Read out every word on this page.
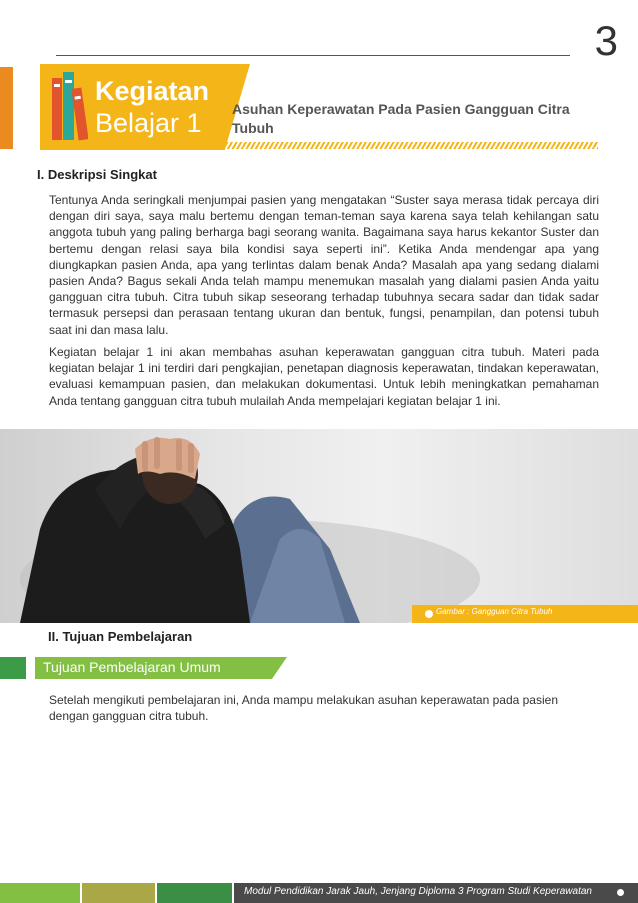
3
Kegiatan
Belajar 1 Asuhan Keperawatan Pada Pasien Gangguan Citra Tubuh
I. Deskripsi Singkat

Tentunya Anda seringkali menjumpai pasien yang mengatakan “Suster saya merasa tidak percaya diri dengan diri saya, saya malu bertemu dengan teman-teman saya karena saya telah kehilangan satu anggota tubuh yang paling berharga bagi seorang wanita. Bagaimana saya harus kekantor Suster dan bertemu dengan relasi saya bila kondisi saya seperti ini”. Ketika Anda mendengar apa yang diungkapkan pasien Anda, apa yang terlintas dalam benak Anda? Masalah apa yang sedang dialami pasien Anda? Bagus sekali Anda telah mampu menemukan masalah yang dialami pasien Anda yaitu gangguan citra tubuh. Citra tubuh sikap seseorang terhadap tubuhnya secara sadar dan tidak sadar termasuk persepsi dan perasaan tentang ukuran dan bentuk, fungsi, penampilan, dan potensi tubuh saat ini dan masa lalu.

Kegiatan belajar 1 ini akan membahas asuhan keperawatan gangguan citra tubuh. Materi pada kegiatan belajar 1 ini terdiri dari pengkajian, penetapan diagnosis keperawatan, tindakan keperawatan, evaluasi kemampuan pasien, dan melakukan dokumentasi. Untuk lebih meningkatkan pemahaman Anda tentang gangguan citra tubuh mulailah Anda mempelajari kegiatan belajar 1 ini.

Gambar : Gangguan Citra Tubuh
II. Tujuan Pembelajaran
Tujuan Pembelajaran Umum

Setelah mengikuti pembelajaran ini, Anda mampu melakukan asuhan keperawatan pada pasien dengan gangguan citra tubuh.

Modul Pendidikan Jarak Jauh, Jenjang Diploma 3 Program Studi Keperawatan
